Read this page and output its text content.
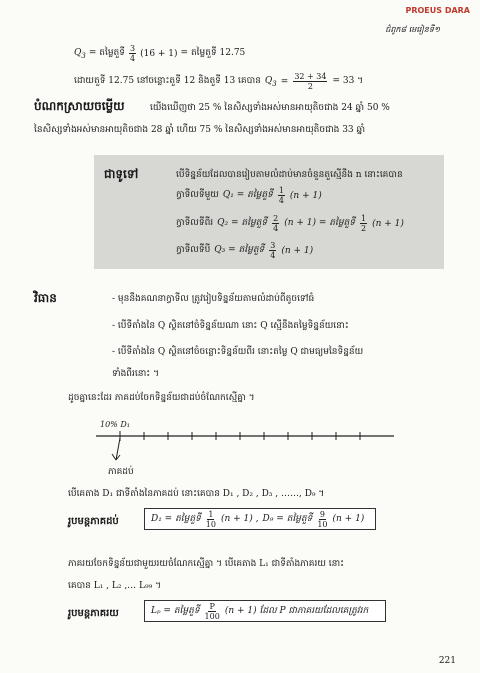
PROEUS DARA
ជំពូក៨ មេរៀនទី១
$Q_3$ = តម្លៃតួទី $\frac{3}{4} (16 + 1)$ = តម្លៃតួទី 12.75
ដោយតួទី 12.75 នៅចន្លោះតួទី 12 និងតួទី 13 គេបាន $Q_3 = \frac{32 + 34}{2} = 33$ ។
បំណកស្រាយចម្លើយ	យើងឃើញថា 25 % នៃសិស្សទាំងអស់មានអាយុតិចជាង 24 ឆ្នាំ 50 %
នៃសិស្សទាំងអស់មានអាយុតិចជាង 28 ឆ្នាំ ហើយ 75 % នៃសិស្សទាំងអស់មានអាយុតិចជាង 33 ឆ្នាំ
ជាទូទៅ	បើទិន្នន័យដែលបានរៀបតាមលំដាប់មានចំនួនតួស្មើនឹង n នោះគេបាន
ក្វាទីលទីមួយ Q₁ = តម្លៃតួទី $\frac{1}{4} (n + 1)$
ក្វាទីលទីពីរ Q₂ = តម្លៃតួទី $\frac{2}{4} (n + 1)$ = តម្លៃតួទី $\frac{1}{2} (n + 1)$
ក្វាទីលទីបី Q₃ = តម្លៃតួទី $\frac{3}{4} (n + 1)$
វិធាន	- មុននឹងគណនាក្វាទីល ត្រូវរៀបទិន្នន័យតាមលំដាប់ពីតូចទៅធំ
- បើទីតាំងនៃ Q ស្ថិតនៅចំទិន្នន័យណា នោះ Q ស្មើនឹងតម្លៃទិន្នន័យនោះ
- បើទីតាំងនៃ Q ស្ថិតនៅចំចន្លោះទិន្នន័យពីរ នោះតម្លៃ Q ជាមធ្យមនៃទិន្នន័យ
ទាំងពីរនោះ ។
ដូចគ្នានេះដែរ ភាគដប់ចែកទិន្នន័យជាដប់ចំណែកស្មើគ្នា ។
10% D₁
ភាគដប់
បើគេតាង D₁ ជាទីតាំងនៃភាគដប់ នោះគេបាន D₁ , D₂ , D₃ , ……, D₉ ។
រូបមន្តភាគដប់	D₁ = តម្លៃតួទី $\frac{1}{10} (n + 1)$ , D₉ = តម្លៃតួទី $\frac{9}{10} (n + 1)$
ភាគរយចែកទិន្នន័យជាមួយរយចំណែកស្មើគ្នា ។ បើគេតាង L₁ ជាទីតាំងភាគរយ នោះ
គេបាន L₁ , L₂ ,… L₉₉ ។
រូបមន្តភាគរយ	Lₚ = តម្លៃតួទី $\frac{P}{100} (n + 1)$ ដែល P ជាភាគរយដែលគេត្រូវរក
221
